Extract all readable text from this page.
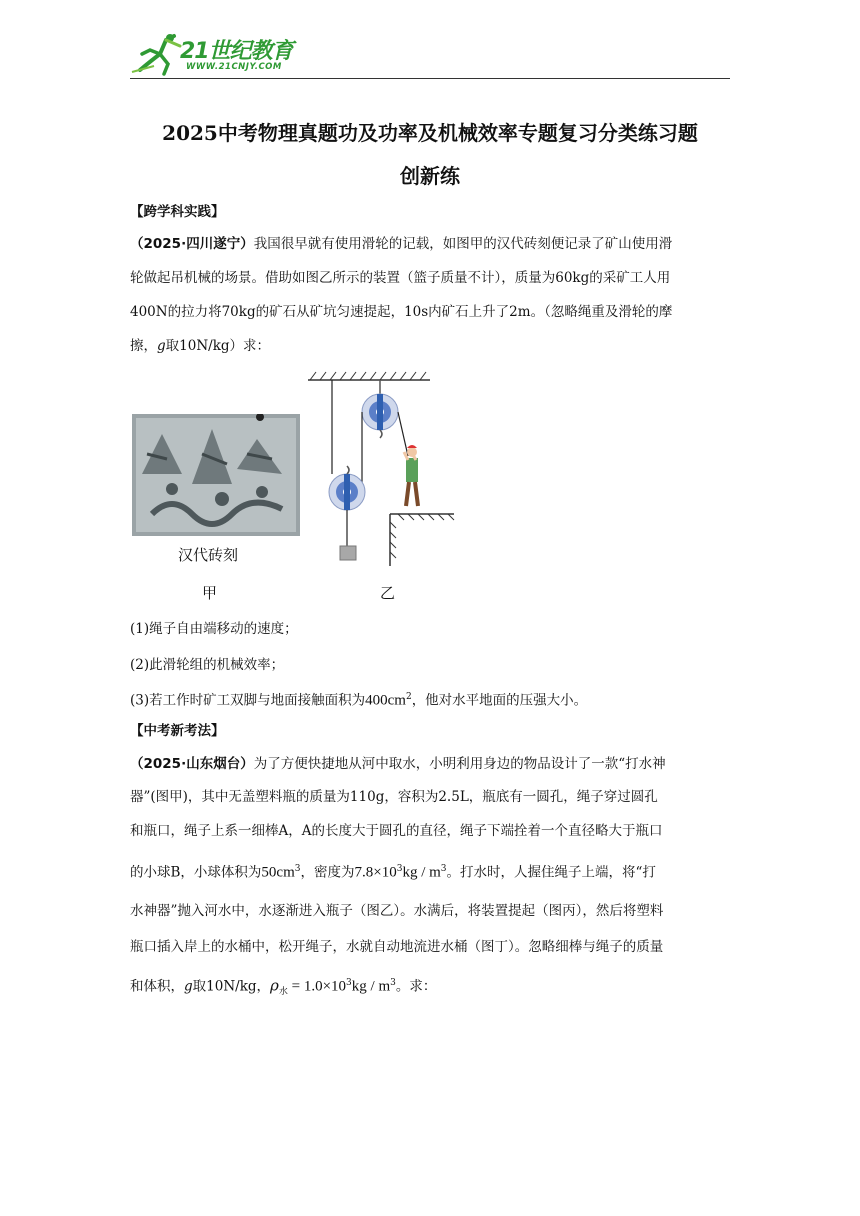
21世纪教育
WWW.21CNJY.COM
2025中考物理真题功及功率及机械效率专题复习分类练习题
创新练
【跨学科实践】
（2025·四川遂宁）我国很早就有使用滑轮的记载，如图甲的汉代砖刻便记录了矿山使用滑
轮做起吊机械的场景。借助如图乙所示的装置（篮子质量不计），质量为60kg的采矿工人用
400N的拉力将70kg的矿石从矿坑匀速提起，10s内矿石上升了2m。（忽略绳重及滑轮的摩
擦，g取10N/kg）求：
汉代砖刻
甲	乙
(1)绳子自由端移动的速度；
(2)此滑轮组的机械效率；
(3)若工作时矿工双脚与地面接触面积为$400cm^2$，他对水平地面的压强大小。
【中考新考法】
（2025·山东烟台）为了方便快捷地从河中取水，小明利用身边的物品设计了一款“打水神
器”(图甲)，其中无盖塑料瓶的质量为110g，容积为2.5L，瓶底有一圆孔，绳子穿过圆孔
和瓶口，绳子上系一细棒A，A的长度大于圆孔的直径，绳子下端拴着一个直径略大于瓶口
的小球B，小球体积为$50cm^3$，密度为$7.8\times 10^3kg / m^3$。打水时，人握住绳子上端，将“打
水神器”抛入河水中，水逐渐进入瓶子（图乙）。水满后，将装置提起（图丙），然后将塑料
瓶口插入岸上的水桶中，松开绳子，水就自动地流进水桶（图丁）。忽略细棒与绳子的质量
和体积，g取10N/kg，$\rho_水 = 1.0\times 10^3kg / m^3$。求：
